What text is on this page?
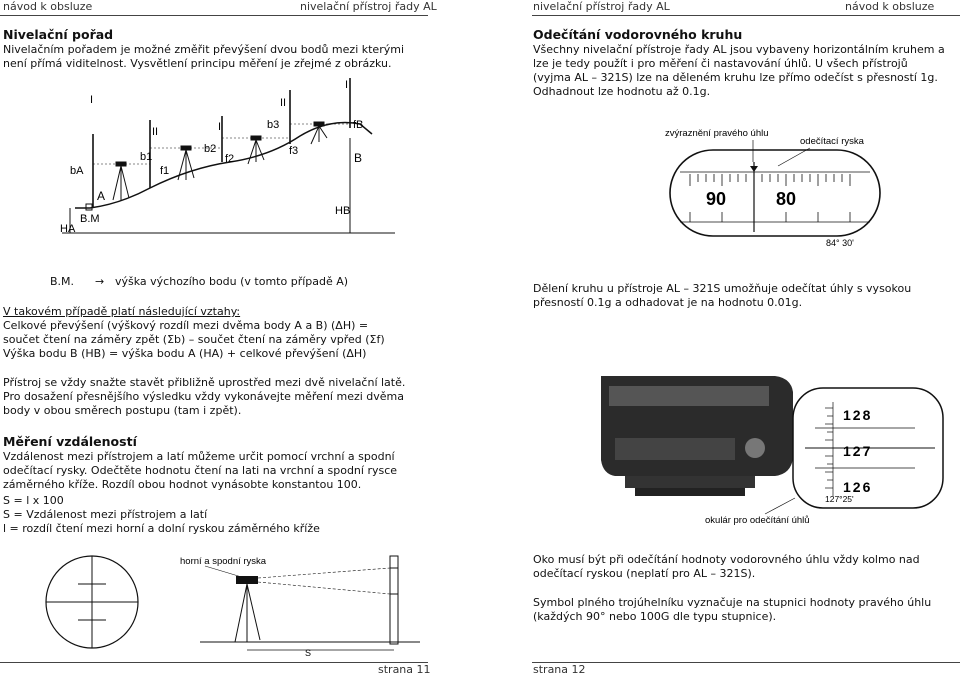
návod k obsluze	nivelační přístroj řady AL	nivelační přístroj řady AL	návod k obsluze
Nivelační pořad
Nivelačním pořadem je možné změřit převýšení dvou bodů mezi kterými
není přímá viditelnost. Vysvětlení principu měření je zřejmé z obrázku.
I
II	I
II
I
bA
b1
b2
b3
f1
f2
f3
fB
A
B
B.M
HA
HB
B.M. → výška výchozího bodu (v tomto případě A)
V takovém případě platí následující vztahy:
Celkové převýšení (výškový rozdíl mezi dvěma body A a B) (ΔH) =
součet čtení na záměry zpět (Σb) – součet čtení na záměry vpřed (Σf)
Výška bodu B (HB) = výška bodu A (HA) + celkové převýšení (ΔH)
Přístroj se vždy snažte stavět přibližně uprostřed mezi dvě nivelační latě.
Pro dosažení přesnějšího výsledku vždy vykonávejte měření mezi dvěma
body v obou směrech postupu (tam i zpět).
Měření vzdáleností
Vzdálenost mezi přístrojem a latí můžeme určit pomocí vrchní a spodní
odečítací rysky. Odečtěte hodnotu čtení na lati na vrchní a spodní rysce
záměrného kříže. Rozdíl obou hodnot vynásobte konstantou 100.
S = l x 100
S = Vzdálenost mezi přístrojem a latí
l = rozdíl čtení mezi horní a dolní ryskou záměrného kříže
S
horní a spodní ryska
strana 11
Odečítání vodorovného kruhu
Všechny nivelační přístroje řady AL jsou vybaveny horizontálním kruhem a
lze je tedy použít i pro měření či nastavování úhlů. U všech přístrojů
(vyjma AL – 321S) lze na děleném kruhu lze přímo odečíst s přesností 1g.
Odhadnout lze hodnotu až 0.1g.
zvýraznění pravého úhlu
odečítací ryska
90	80
84° 30'
Dělení kruhu u přístroje AL – 321S umožňuje odečítat úhly s vysokou
přesností 0.1g a odhadovat je na hodnotu 0.01g.
128
127
126
127°25'
okulár pro odečítání úhlů
Oko musí být při odečítání hodnoty vodorovného úhlu vždy kolmo nad
odečítací ryskou (neplatí pro AL – 321S).
Symbol plného trojúhelníku vyznačuje na stupnici hodnoty pravého úhlu
(každých 90° nebo 100G dle typu stupnice).
strana 12
